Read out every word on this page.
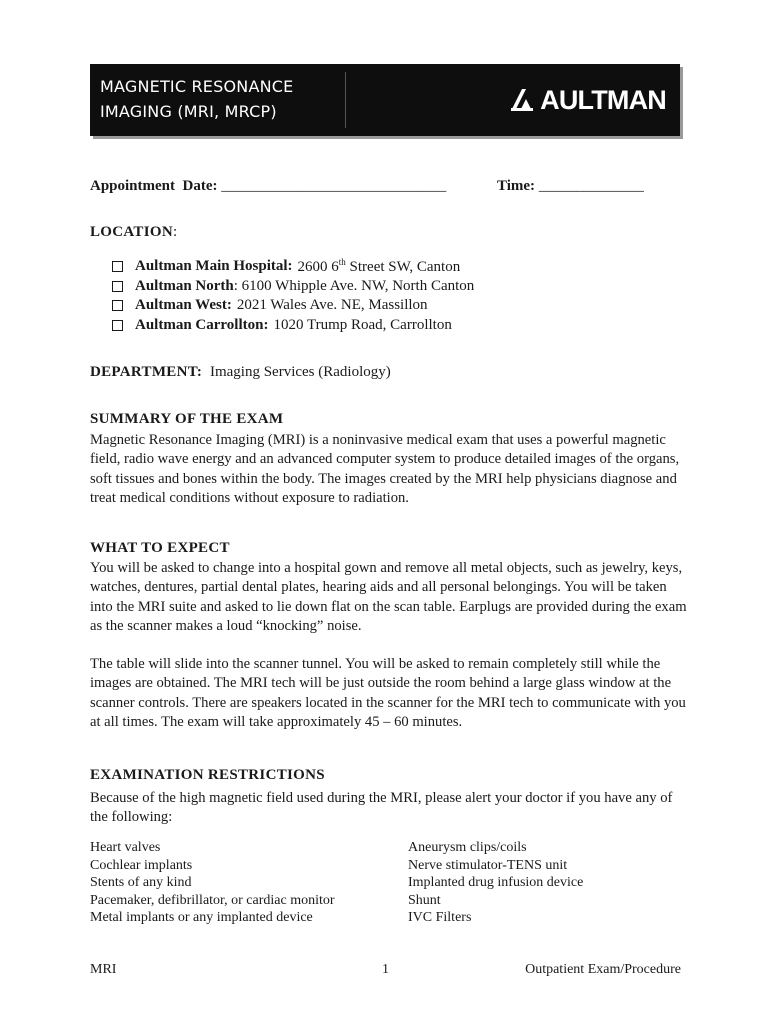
MAGNETIC RESONANCE
IMAGING (MRI, MRCP)	AULTMAN
Appointment  Date: ______________________________	Time: ______________
LOCATION:
Aultman Main Hospital: 2600 6th Street SW, Canton
Aultman North : 6100 Whipple Ave. NW, North Canton
Aultman West: 2021 Wales Ave. NE, Massillon
Aultman Carrollton: 1020 Trump Road, Carrollton
DEPARTMENT: Imaging Services (Radiology)
SUMMARY OF THE EXAM

Magnetic Resonance Imaging (MRI) is a noninvasive medical exam that uses a powerful magnetic field, radio wave energy and an advanced computer system to produce detailed images of the organs, soft tissues and bones within the body. The images created by the MRI help physicians diagnose and treat medical conditions without exposure to radiation.

WHAT TO EXPECT

You will be asked to change into a hospital gown and remove all metal objects, such as jewelry, keys, watches, dentures, partial dental plates, hearing aids and all personal belongings. You will be taken into the MRI suite and asked to lie down flat on the scan table. Earplugs are provided during the exam as the scanner makes a loud “knocking” noise.

The table will slide into the scanner tunnel. You will be asked to remain completely still while the images are obtained. The MRI tech will be just outside the room behind a large glass window at the scanner controls. There are speakers located in the scanner for the MRI tech to communicate with you at all times. The exam will take approximately 45 – 60 minutes.

EXAMINATION RESTRICTIONS

Because of the high magnetic field used during the MRI, please alert your doctor if you have any of the following:

Heart valves
Cochlear implants
Stents of any kind
Pacemaker, defibrillator, or cardiac monitor
Metal implants or any implanted device
Aneurysm clips/coils
Nerve stimulator-TENS unit
Implanted drug infusion device
Shunt
IVC Filters
MRI	1	Outpatient Exam/Procedure
